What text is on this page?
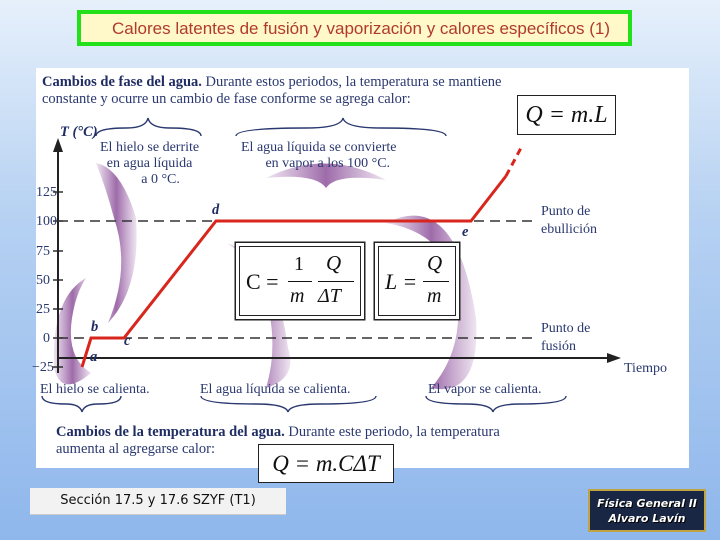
Calores latentes de fusión y vaporización y calores específicos (1)
Cambios de fase del agua. Durante estos periodos, la temperatura se mantiene
constante y ocurre un cambio de fase conforme se agrega calor:
T (°C)
El hielo se derrite
en agua líquida
a 0 °C.
El agua líquida se convierte
en vapor a los 100 °C.
125
100
75
50
25
0
−25
a
b
c
d
e
Punto de
ebullición
Punto de
fusión
Tiempo
El hielo se calienta.	El agua líquida se calienta.	El vapor se calienta.
Cambios de la temperatura del agua. Durante este periodo, la temperatura
aumenta al agregarse calor:
Q = m.L
C =
1
m
Q
ΔT
L =
Q
m
Q = m.CΔT
Sección 17.5 y 17.6 SZYF (T1)	Física General II
Alvaro Lavín
